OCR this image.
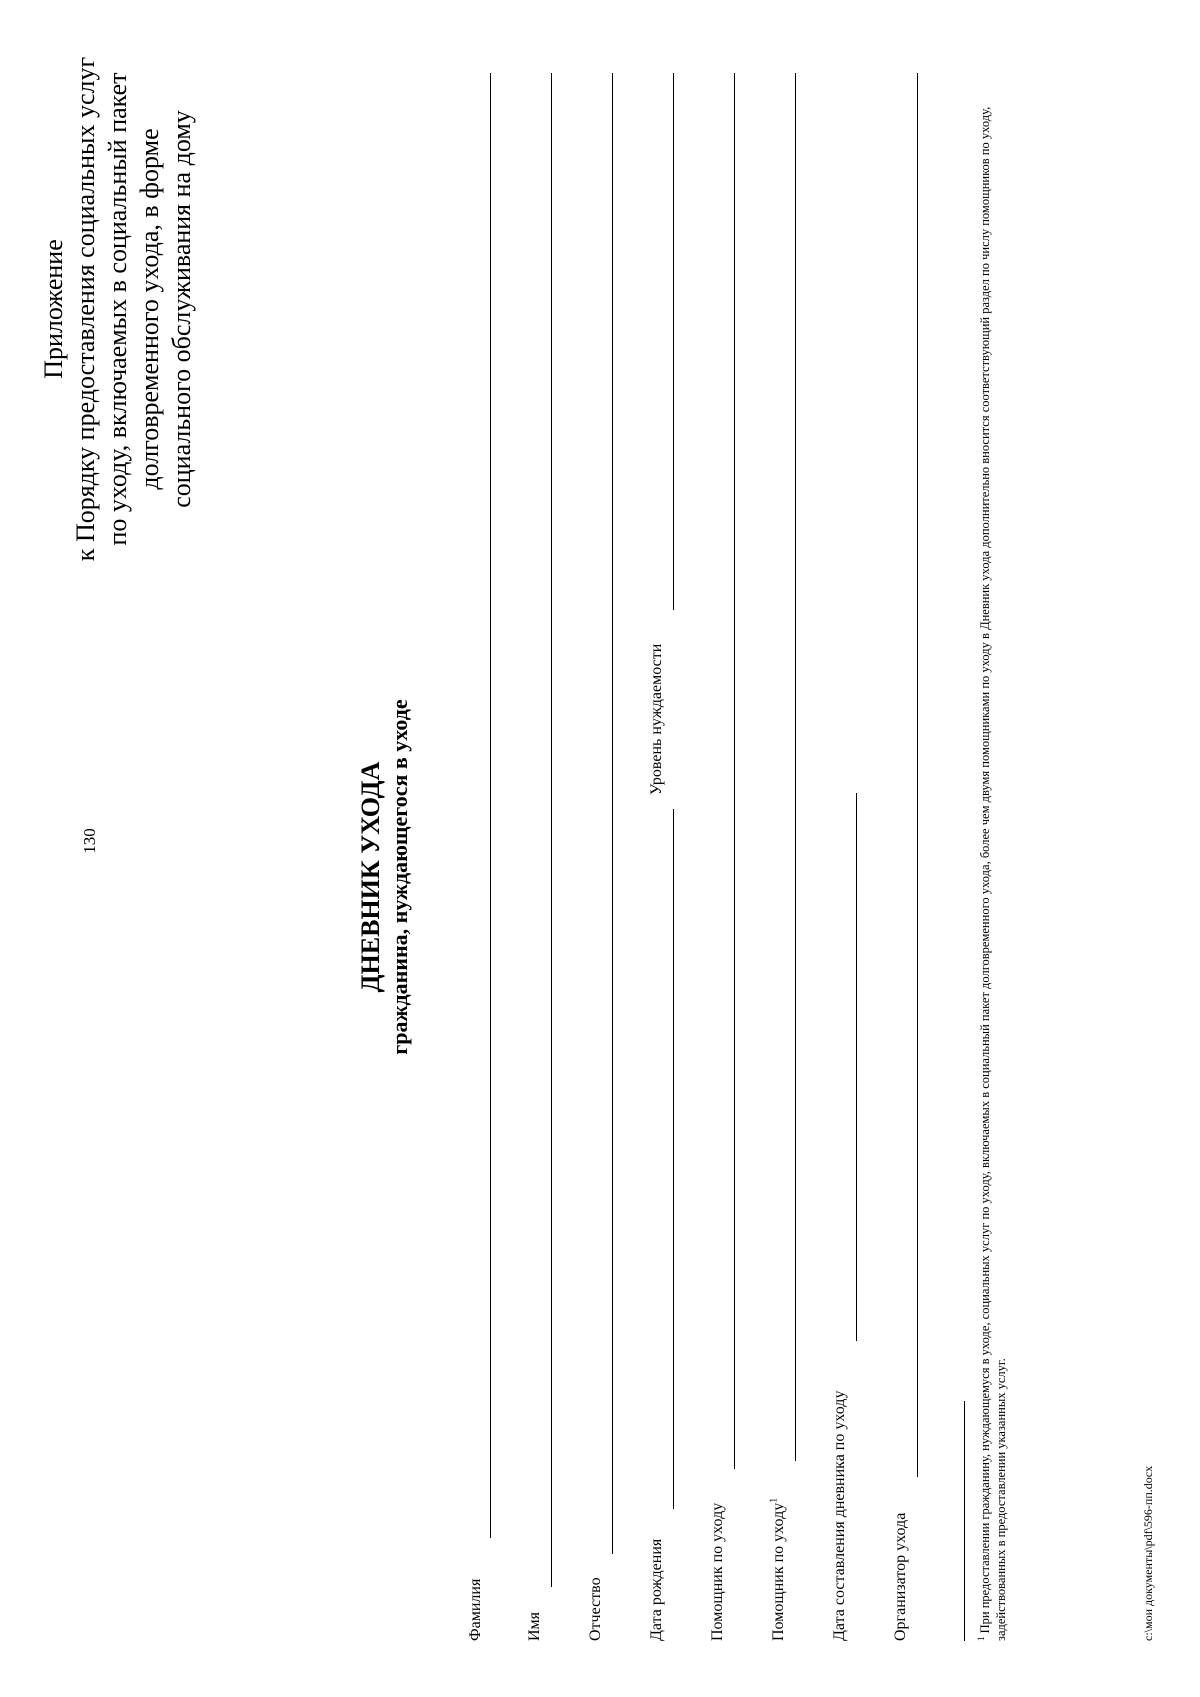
130
Приложение к Порядку предоставления социальных услуг по уходу, включаемых в социальный пакет долговременного ухода, в форме социального обслуживания на дому
ДНЕВНИК УХОДА гражданина, нуждающегося в уходе
Фамилия	Имя	Отчество	Дата рождения
Уровень нуждаемости
Помощник по уходу	Помощник по уходу$^1$	Дата составления дневника по уходу	Организатор ухода	$^1$ При предоставлении гражданину, нуждающемуся в уходе, социальных услуг по уходу, включаемых в социальный пакет долговременного ухода, более чем двумя помощниками по уходу в Дневник ухода дополнительно вносится соответствующий раздел по числу помощников по уходу, задействованных в предоставлении указанных услуг.	c:\мои документы\pdf\596-пп.docx
